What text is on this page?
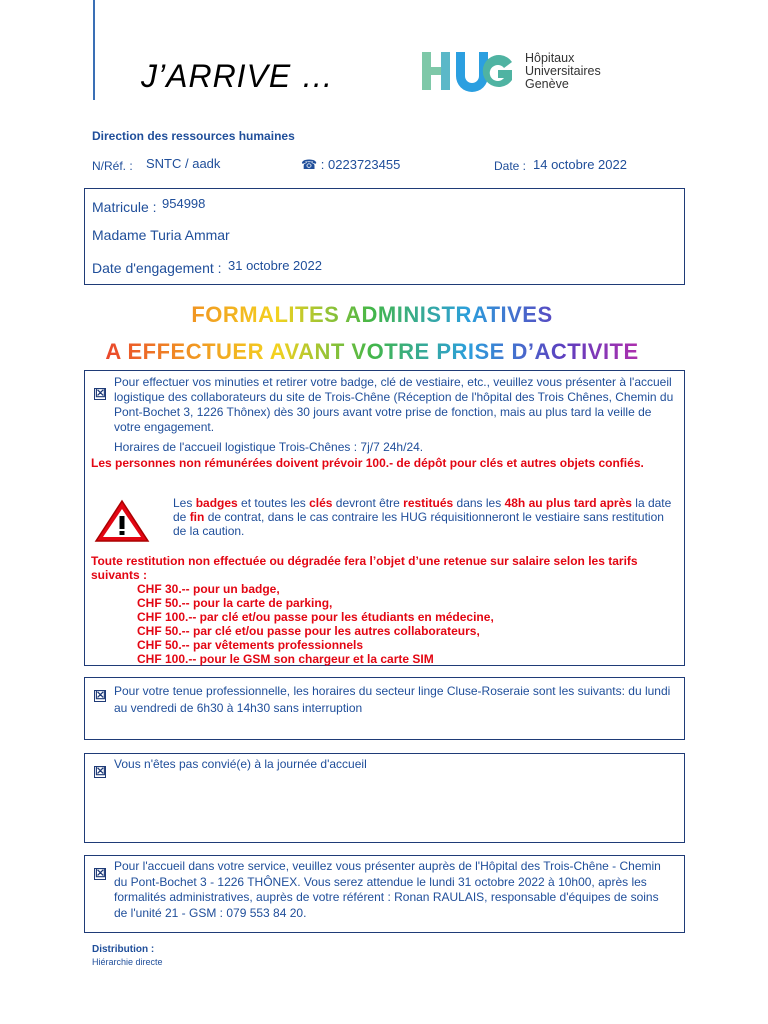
J’ARRIVE …	Hôpitaux
Universitaires
Genève
Direction des ressources humaines
N/Réf. : SNTC / aadk	☎ : 0223723455	Date : 14 octobre 2022
Matricule : 954998
Madame Turia Ammar
Date d'engagement : 31 octobre 2022
FORMALITES ADMINISTRATIVES
A EFFECTUER AVANT VOTRE PRISE D’ACTIVITE
☒
Pour effectuer vos minuties et retirer votre badge, clé de vestiaire, etc., veuillez vous présenter à l'accueil logistique des collaborateurs du site de Trois-Chêne (Réception de l'hôpital des Trois Chênes, Chemin du Pont-Bochet 3, 1226 Thônex) dès 30 jours avant votre prise de fonction, mais au plus tard la veille de votre engagement.
Horaires de l'accueil logistique Trois-Chênes : 7j/7 24h/24.
Les personnes non rémunérées doivent prévoir 100.- de dépôt pour clés et autres objets confiés.
Les badges et toutes les clés devront être restitués dans les 48h au plus tard après la date de fin de contrat, dans le cas contraire les HUG réquisitionneront le vestiaire sans restitution de la caution.
Toute restitution non effectuée ou dégradée fera l’objet d’une retenue sur salaire selon les tarifs suivants :
CHF 30.-- pour un badge,
CHF 50.-- pour la carte de parking,
CHF 100.-- par clé et/ou passe pour les étudiants en médecine,
CHF 50.-- par clé et/ou passe pour les autres collaborateurs,
CHF 50.-- par vêtements professionnels
CHF 100.-- pour le GSM son chargeur et la carte SIM
☒ Pour votre tenue professionnelle, les horaires du secteur linge Cluse-Roseraie sont les suivants: du lundi au vendredi de 6h30 à 14h30 sans interruption
☒ Vous n'êtes pas convié(e) à la journée d'accueil
☒ Pour l'accueil dans votre service, veuillez vous présenter auprès de l'Hôpital des Trois-Chêne - Chemin du Pont-Bochet 3 - 1226 THÔNEX. Vous serez attendue le lundi 31 octobre 2022 à 10h00, après les formalités administratives, auprès de votre référent : Ronan RAULAIS, responsable d'équipes de soins de l'unité 21 - GSM : 079 553 84 20.
Distribution :
Hiérarchie directe
